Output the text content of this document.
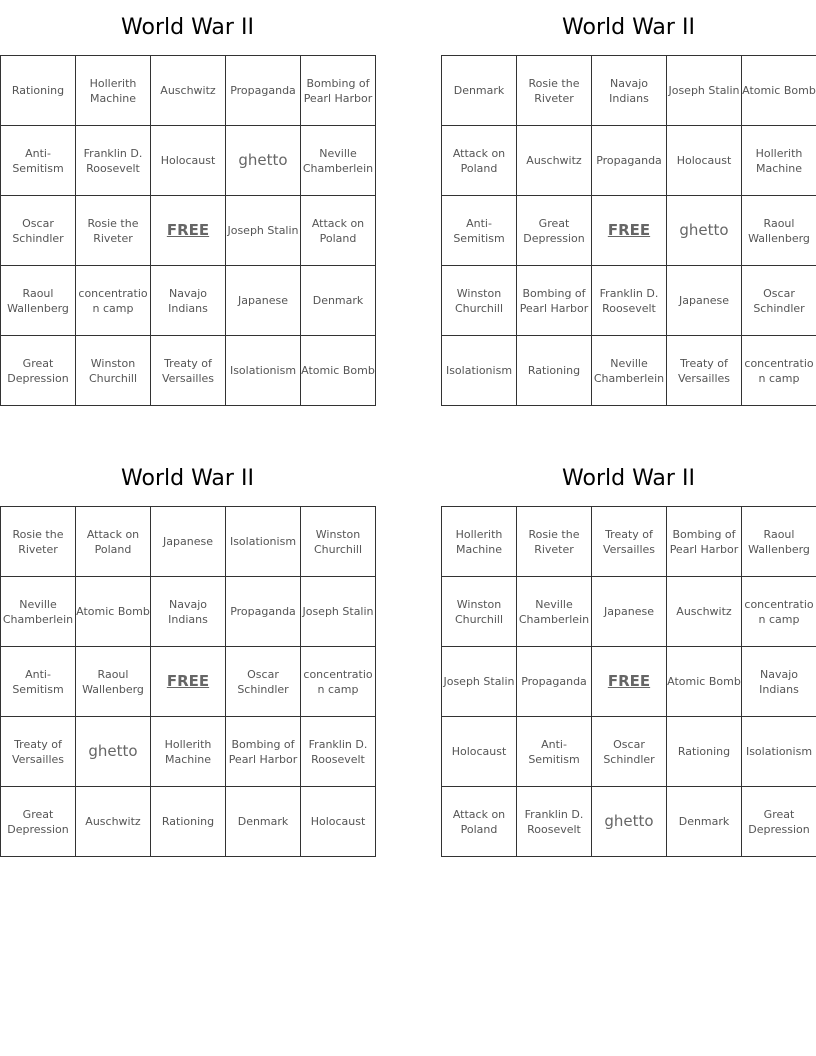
World War II
Rationing	Hollerith Machine	Auschwitz	Propaganda	Bombing of Pearl Harbor
Anti-Semitism	Franklin D. Roosevelt	Holocaust	ghetto	Neville Chamberlein
Oscar Schindler	Rosie the Riveter	FREE	Joseph Stalin	Attack on Poland
Raoul Wallenberg	concentration camp	Navajo Indians	Japanese	Denmark
Great Depression	Winston Churchill	Treaty of Versailles	Isolationism	Atomic Bomb
World War II
Denmark	Rosie the Riveter	Navajo Indians	Joseph Stalin	Atomic Bomb
Attack on Poland	Auschwitz	Propaganda	Holocaust	Hollerith Machine
Anti-Semitism	Great Depression	FREE	ghetto	Raoul Wallenberg
Winston Churchill	Bombing of Pearl Harbor	Franklin D. Roosevelt	Japanese	Oscar Schindler
Isolationism	Rationing	Neville Chamberlein	Treaty of Versailles	concentration camp
World War II
Rosie the Riveter	Attack on Poland	Japanese	Isolationism	Winston Churchill
Neville Chamberlein	Atomic Bomb	Navajo Indians	Propaganda	Joseph Stalin
Anti-Semitism	Raoul Wallenberg	FREE	Oscar Schindler	concentration camp
Treaty of Versailles	ghetto	Hollerith Machine	Bombing of Pearl Harbor	Franklin D. Roosevelt
Great Depression	Auschwitz	Rationing	Denmark	Holocaust
World War II
Hollerith Machine	Rosie the Riveter	Treaty of Versailles	Bombing of Pearl Harbor	Raoul Wallenberg
Winston Churchill	Neville Chamberlein	Japanese	Auschwitz	concentration camp
Joseph Stalin	Propaganda	FREE	Atomic Bomb	Navajo Indians
Holocaust	Anti-Semitism	Oscar Schindler	Rationing	Isolationism
Attack on Poland	Franklin D. Roosevelt	ghetto	Denmark	Great Depression
